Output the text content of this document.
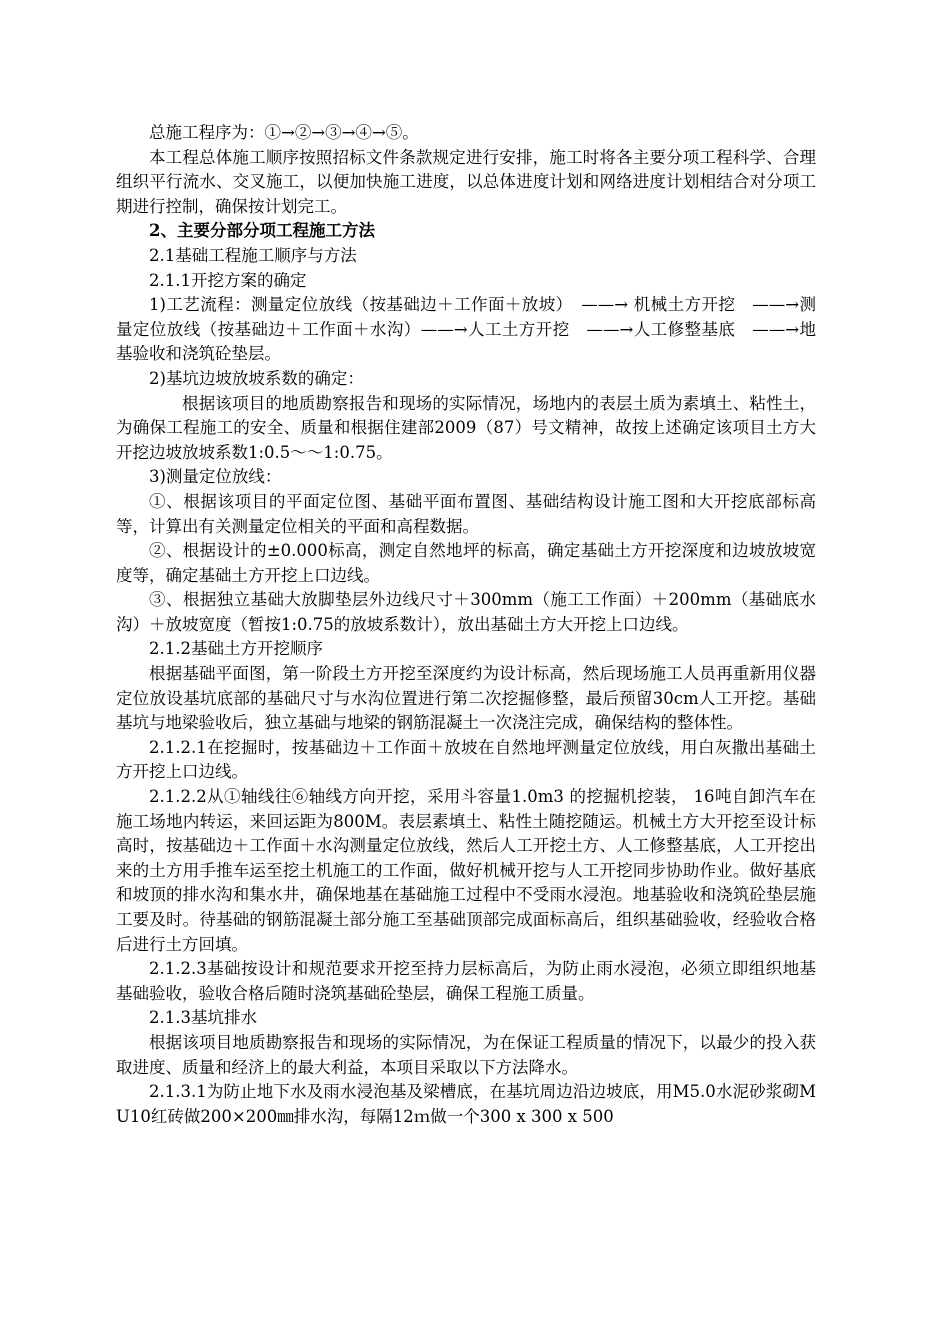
总施工程序为：①→②→③→④→⑤。

本工程总体施工顺序按照招标文件条款规定进行安排，施工时将各主要分项工程科学、合理组织平行流水、交叉施工，以便加快施工进度，以总体进度计划和网络进度计划相结合对分项工期进行控制，确保按计划完工。

2、主要分部分项工程施工方法

2.1基础工程施工顺序与方法

2.1.1开挖方案的确定

1)工艺流程：测量定位放线（按基础边＋工作面＋放坡）　——→ 机械土方开挖　——→测量定位放线（按基础边＋工作面＋水沟）——→人工土方开挖　——→人工修整基底　——→地基验收和浇筑砼垫层。

2)基坑边坡放坡系数的确定：

根据该项目的地质勘察报告和现场的实际情况，场地内的表层土质为素填土、粘性土，为确保工程施工的安全、质量和根据住建部2009（87）号文精神，故按上述确定该项目土方大开挖边坡放坡系数1:0.5～～1:0.75。

3)测量定位放线：

①、根据该项目的平面定位图、基础平面布置图、基础结构设计施工图和大开挖底部标高等，计算出有关测量定位相关的平面和高程数据。

②、根据设计的±0.000标高，测定自然地坪的标高，确定基础土方开挖深度和边坡放坡宽度等，确定基础土方开挖上口边线。

③、根据独立基础大放脚垫层外边线尺寸＋300mm（施工工作面）＋200mm（基础底水沟）＋放坡宽度（暂按1:0.75的放坡系数计），放出基础土方大开挖上口边线。

2.1.2基础土方开挖顺序

根据基础平面图，第一阶段土方开挖至深度约为设计标高，然后现场施工人员再重新用仪器定位放设基坑底部的基础尺寸与水沟位置进行第二次挖掘修整，最后预留30cm人工开挖。基础基坑与地梁验收后，独立基础与地梁的钢筋混凝土一次浇注完成，确保结构的整体性。

2.1.2.1在挖掘时，按基础边＋工作面＋放坡在自然地坪测量定位放线，用白灰撒出基础土方开挖上口边线。

2.1.2.2从①轴线往⑥轴线方向开挖，采用斗容量1.0m3 的挖掘机挖装， 16吨自卸汽车在施工场地内转运，来回运距为800M。表层素填土、粘性土随挖随运。机械土方大开挖至设计标高时，按基础边＋工作面＋水沟测量定位放线，然后人工开挖土方、人工修整基底，人工开挖出来的土方用手推车运至挖土机施工的工作面，做好机械开挖与人工开挖同步协助作业。做好基底和坡顶的排水沟和集水井，确保地基在基础施工过程中不受雨水浸泡。地基验收和浇筑砼垫层施工要及时。待基础的钢筋混凝土部分施工至基础顶部完成面标高后，组织基础验收，经验收合格后进行土方回填。

2.1.2.3基础按设计和规范要求开挖至持力层标高后，为防止雨水浸泡，必须立即组织地基基础验收，验收合格后随时浇筑基础砼垫层，确保工程施工质量。

2.1.3基坑排水

根据该项目地质勘察报告和现场的实际情况，为在保证工程质量的情况下，以最少的投入获取进度、质量和经济上的最大利益，本项目采取以下方法降水。

2.1.3.1为防止地下水及雨水浸泡基及梁槽底，在基坑周边沿边坡底，用M5.0水泥砂浆砌MU10红砖做200×200㎜排水沟，每隔12ｍ做一个300 x 300 x 500
